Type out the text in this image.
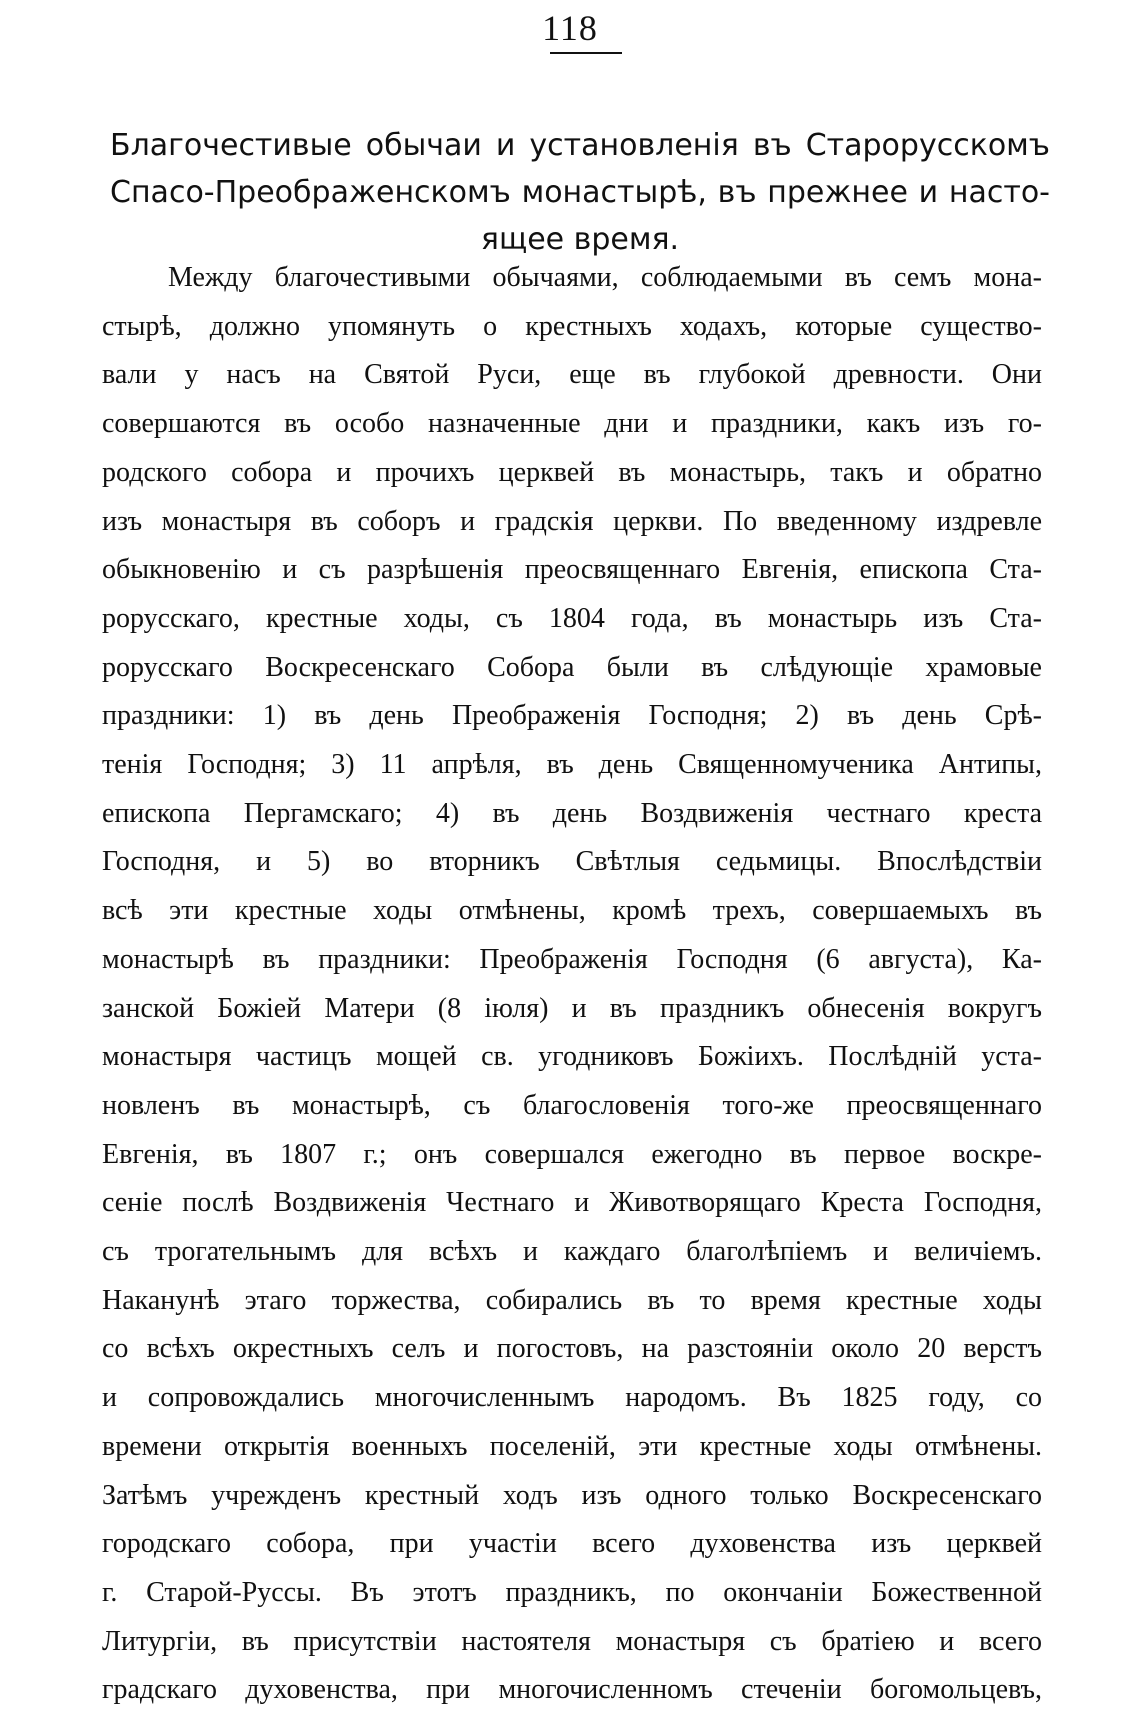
118
Благочестивые обычаи и установленія въ Старорусскомъ
Спасо-Преображенскомъ монастырѣ, въ прежнее и насто-
ящее время.
Между благочестивыми обычаями, соблюдаемыми въ семъ мона-
стырѣ, должно упомянуть о крестныхъ ходахъ, которые существо-
вали у насъ на Святой Руси, еще въ глубокой древности. Они
совершаются въ особо назначенные дни и праздники, какъ изъ го-
родского собора и прочихъ церквей въ монастырь, такъ и обратно
изъ монастыря въ соборъ и градскія церкви. По введенному издревле
обыкновенію и съ разрѣшенія преосвященнаго Евгенія, епископа Ста-
рорусскаго, крестные ходы, съ 1804 года, въ монастырь изъ Ста-
рорусскаго Воскресенскаго Собора были въ слѣдующіе храмовые
праздники: 1) въ день Преображенія Господня; 2) въ день Срѣ-
тенія Господня; 3) 11 апрѣля, въ день Священномученика Антипы,
епископа Пергамскаго; 4) въ день Воздвиженія честнаго креста
Господня, и 5) во вторникъ Свѣтлыя седьмицы. Впослѣдствіи
всѣ эти крестные ходы отмѣнены, кромѣ трехъ, совершаемыхъ въ
монастырѣ въ праздники: Преображенія Господня (6 августа), Ка-
занской Божіей Матери (8 іюля) и въ праздникъ обнесенія вокругъ
монастыря частицъ мощей св. угодниковъ Божіихъ. Послѣдній уста-
новленъ въ монастырѣ, съ благословенія того-же преосвященнаго
Евгенія, въ 1807 г.; онъ совершался ежегодно въ первое воскре-
сеніе послѣ Воздвиженія Честнаго и Животворящаго Креста Господня,
съ трогательнымъ для всѣхъ и каждаго благолѣпіемъ и величіемъ.
Наканунѣ этаго торжества, собирались въ то время крестные ходы
со всѣхъ окрестныхъ селъ и погостовъ, на разстояніи около 20 верстъ
и сопровождались многочисленнымъ народомъ. Въ 1825 году, со
времени открытія военныхъ поселеній, эти крестные ходы отмѣнены.
Затѣмъ учрежденъ крестный ходъ изъ одного только Воскресенскаго
городскаго собора, при участіи всего духовенства изъ церквей
г. Старой-Руссы. Въ этотъ праздникъ, по окончаніи Божественной
Литургіи, въ присутствіи настоятеля монастыря съ братіею и всего
градскаго духовенства, при многочисленномъ стеченіи богомольцевъ,
